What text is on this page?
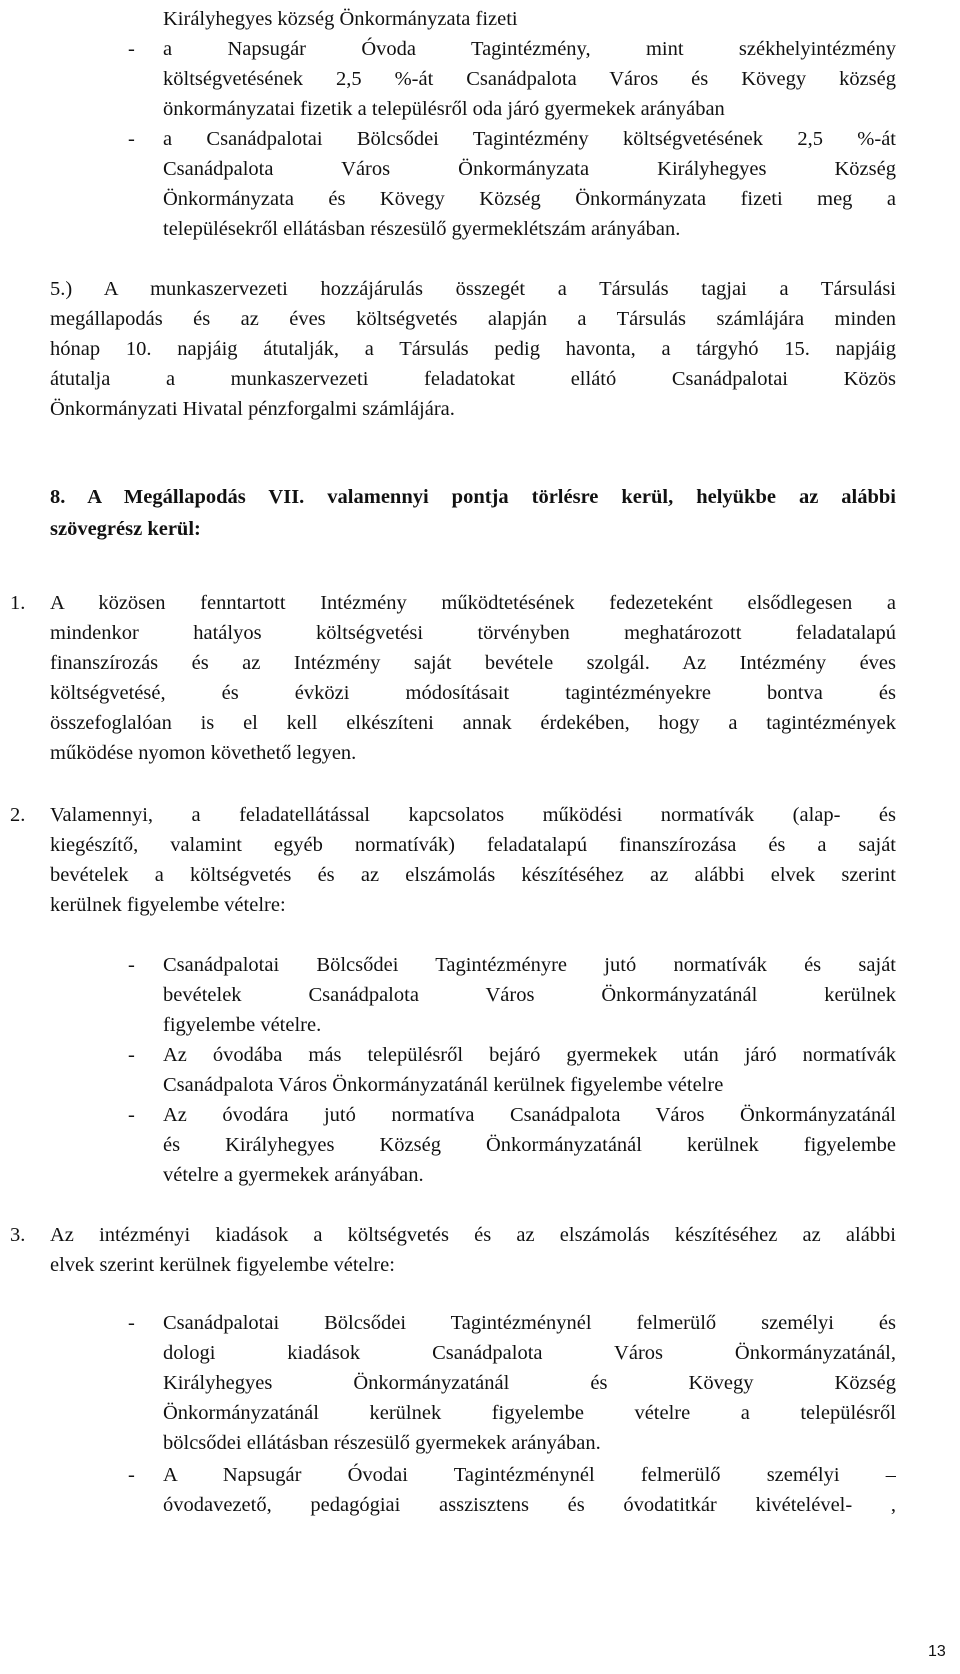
Királyhegyes község Önkormányzata fizeti
- a Napsugár Óvoda Tagintézmény, mint székhelyintézmény
költségvetésének 2,5 %-át Csanádpalota Város és Kövegy község
önkormányzatai fizetik a településről oda járó gyermekek arányában
- a Csanádpalotai Bölcsődei Tagintézmény költségvetésének 2,5 %-át
Csanádpalota Város Önkormányzata Királyhegyes Község
Önkormányzata és Kövegy Község Önkormányzata fizeti meg a
településekről ellátásban részesülő gyermeklétszám arányában.
5.) A munkaszervezeti hozzájárulás összegét a Társulás tagjai a Társulási
megállapodás és az éves költségvetés alapján a Társulás számlájára minden
hónap 10. napjáig átutalják, a Társulás pedig havonta, a tárgyhó 15. napjáig
átutalja a munkaszervezeti feladatokat ellátó Csanádpalotai Közös
Önkormányzati Hivatal pénzforgalmi számlájára.
8. A Megállapodás VII. valamennyi pontja törlésre kerül, helyükbe az alábbi
szövegrész kerül:
1. A közösen fenntartott Intézmény működtetésének fedezeteként elsődlegesen a
mindenkor hatályos költségvetési törvényben meghatározott feladatalapú
finanszírozás és az Intézmény saját bevétele szolgál. Az Intézmény éves
költségvetésé, és évközi módosításait tagintézményekre bontva és
összefoglalóan is el kell elkészíteni annak érdekében, hogy a tagintézmények
működése nyomon követhető legyen.
2. Valamennyi, a feladatellátással kapcsolatos működési normatívák (alap- és
kiegészítő, valamint egyéb normatívák) feladatalapú finanszírozása és a saját
bevételek a költségvetés és az elszámolás készítéséhez az alábbi elvek szerint
kerülnek figyelembe vételre:
- Csanádpalotai Bölcsődei Tagintézményre jutó normatívák és saját
bevételek Csanádpalota Város Önkormányzatánál kerülnek
figyelembe vételre.
- Az óvodába más településről bejáró gyermekek után járó normatívák
Csanádpalota Város Önkormányzatánál kerülnek figyelembe vételre
- Az óvodára jutó normatíva Csanádpalota Város Önkormányzatánál
és Királyhegyes Község Önkormányzatánál kerülnek figyelembe
vételre a gyermekek arányában.
3. Az intézményi kiadások a költségvetés és az elszámolás készítéséhez az alábbi
elvek szerint kerülnek figyelembe vételre:
- Csanádpalotai Bölcsődei Tagintézménynél felmerülő személyi és
dologi kiadások Csanádpalota Város Önkormányzatánál,
Királyhegyes Önkormányzatánál és Kövegy Község
Önkormányzatánál kerülnek figyelembe vételre a településről
bölcsődei ellátásban részesülő gyermekek arányában.
- A Napsugár Óvodai Tagintézménynél felmerülő személyi –
óvodavezető, pedagógiai asszisztens és óvodatitkár kivételével- ,
13
